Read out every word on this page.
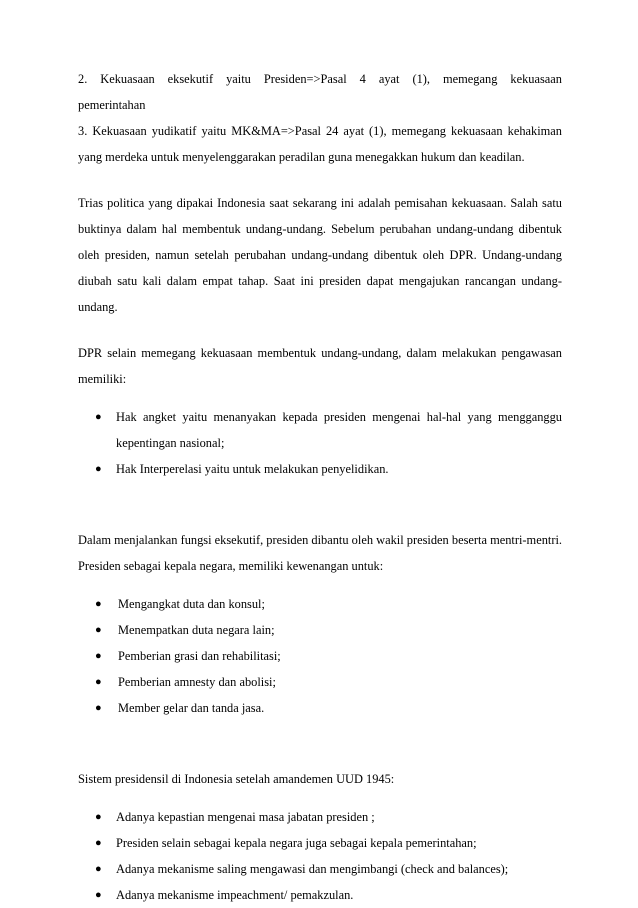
2. Kekuasaan eksekutif yaitu Presiden=>Pasal 4 ayat (1), memegang kekuasaan

pemerintahan

3. Kekuasaan yudikatif yaitu MK&MA=>Pasal 24 ayat (1), memegang kekuasaan kehakiman yang merdeka untuk menyelenggarakan peradilan guna menegakkan hukum dan keadilan.

Trias politica yang dipakai Indonesia saat sekarang ini adalah pemisahan kekuasaan. Salah satu buktinya dalam hal membentuk undang-undang. Sebelum perubahan undang-undang dibentuk oleh presiden, namun setelah perubahan undang-undang dibentuk oleh DPR. Undang-undang diubah satu kali dalam empat tahap. Saat ini presiden dapat mengajukan rancangan undang-undang.

DPR selain memegang kekuasaan membentuk undang-undang, dalam melakukan pengawasan memiliki:

● Hak angket yaitu menanyakan kepada presiden mengenai hal-hal yang mengganggu kepentingan nasional;
● Hak Interperelasi yaitu untuk melakukan penyelidikan.

Dalam menjalankan fungsi eksekutif, presiden dibantu oleh wakil presiden beserta mentri-mentri. Presiden sebagai kepala negara, memiliki kewenangan untuk:

● Mengangkat duta dan konsul;
● Menempatkan duta negara lain;
● Pemberian grasi dan rehabilitasi;
● Pemberian amnesty dan abolisi;
● Member gelar dan tanda jasa.

Sistem presidensil di Indonesia setelah amandemen UUD 1945:

● Adanya kepastian mengenai masa jabatan presiden ;
● Presiden selain sebagai kepala negara juga sebagai kepala pemerintahan;
● Adanya mekanisme saling mengawasi dan mengimbangi (check and balances);
● Adanya mekanisme impeachment/ pemakzulan.
